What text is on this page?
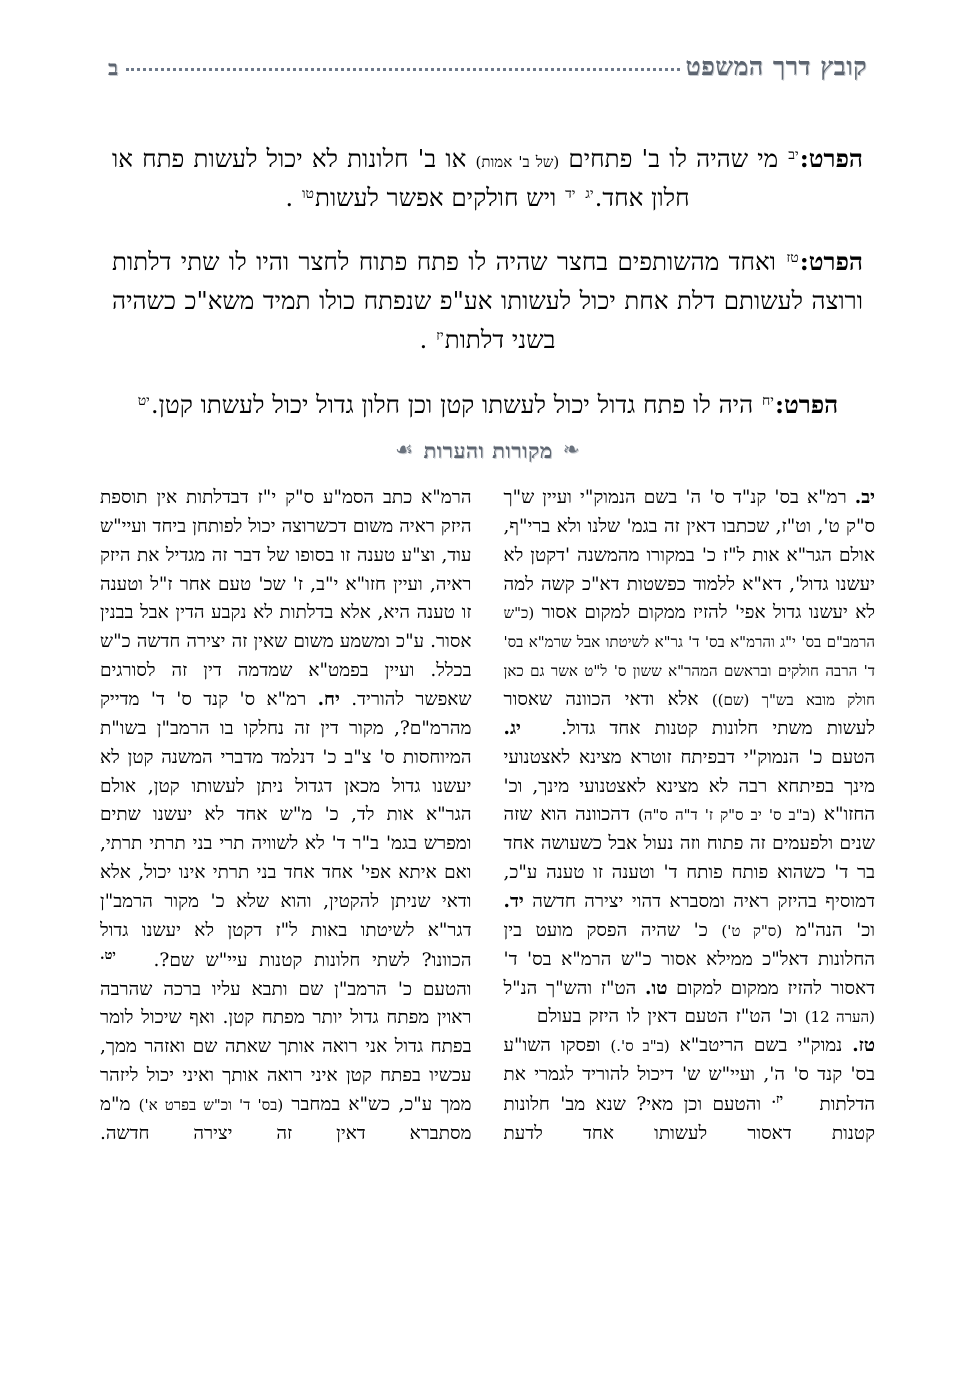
קובץ דרך המשפט
ב
הפרט:$^{יב}$ מי שהיה לו ב' פתחים (של ב' אמות) או ב' חלונות לא יכול לעשות פתח או חלון אחד.$^{יג}$ $^{יד}$ ויש חולקים אפשר לעשות$^{טו}$ .
הפרט:$^{טז}$ ואחד מהשותפים בחצר שהיה לו פתח פתוח לחצר והיו לו שתי דלתות ורוצה לעשותם דלת אחת יכול לעשותו אע"פ שנפתח כולו תמיד משא"כ כשהיה בשני דלתות$^{יז}$ .
הפרט:$^{יח}$ היה לו פתח גדול יכול לעשתו קטן וכן חלון גדול יכול לעשתו קטן.$^{יט}$
❧מקורות והערות☙
יב. רמ"א בס' קנ"ד ס' ה' בשם הנמוק"י ועיין ש"ך ס"ק ט', וט"ז, שכתבו דאין זה בגמ' שלנו ולא ברי"ף, אולם הגר"א אות ל"ז כ' במקורו מהמשנה 'דקטן לא יעשנו גדול', דא"א ללמוד כפשטות דא"כ קשה למה לא יעשנו גדול אפי' להזיז ממקום למקום אסור (כ"ש הרמב"ם בס' י"ג והרמ"א בס' ד' גר"א לשיטתו אבל שרמ"א בס' ד' הרבה חולקים ובראשם המהר"א ששון ס' ל"ט אשר גם כאן חולק מובא בש"ך (שם)) אלא ודאי הכוונה שאסור לעשות משתי חלונות קטנות אחד גדול. יג. הטעם כ' הנמוק"י דבפיתח זוטרא מצינא לאצטנועי מינך בפיתחא רבה לא מצינא לאצטנועי מינך, וכ' החזו"א (ב"ב ס' יב ס"ק ז' ד"ה ס"ה) דהכוונה הוא שזה שנים ולפעמים זה פתוח וזה נעול אבל כשעושה אחד בר ד' כשהוא פותח פותח ד' וטענה זו טענה ע"כ, דמוסיף בהיזק ראיה ומסברא דהוי יצירה חדשה יד. וכ' הנה"מ (ס"ק ט') כ' שהיה הפסק מועט בין החלונות דאל"כ ממילא אסור כ"ש הרמ"א בס' ד' דאסור להזיז ממקום למקום טו. הט"ז והש"ך הנ"ל (הערה 12) וכ' הט"ז הטעם דאין לו היזק בעולם טז. נמוק"י בשם הריטב"א (ב"ב ס'.) ופסקו השו"ע בס' קנד ס' ה', ועיי"ש ש' דיכול להוריד לגמרי את הדלתות $^{יז.}$ והטעם וכן מאי? שנא מב' חלונות קטנות דאסור לעשותו אחד לדעת
הרמ"א כתב הסמ"ע ס"ק י"ז דבדלתות אין תוספת היזק ראיה משום דכשרוצה יכול לפותחן ביחד ועיי"ש עוד, וצ"ע טענה זו בסופו של דבר זה מגדיל את היזק ראיה, ועיין חזו"א י"ב, ז' שכ' טעם אחר ז"ל וטענה זו טענה היא, אלא בדלתות לא נקבע הדין אבל בבנין אסור. ע"כ ומשמע משום שאין זה יצירה חדשה כ"ש בכלל. ועיין בפמט"א שמדמה דין זה לסורגים שאפשר להוריד. יח. רמ"א ס' קנד ס' ד' מדייק מהרמ"ם?, מקור דין זה נחלקו בו הרמב"ן בשו"ת המיוחסות ס' צ"ב כ' דנלמד מדברי המשנה קטן לא יעשנו גדול מכאן דגדול ניתן לעשותו קטן, אולם הגר"א אות לד, כ' מ"ש אחד לא יעשנו שתים ומפרש בגמ' ב"ר ד' לא לשוויה תרי בני תרתי תרתי, ואם איתא אפי' אחד אחד בני תרתי אינו יכול, אלא ודאי שניתן להקטין, והוא שלא כ' מקור הרמב"ן דגר"א לשיטתו באות ל"ז דקטן לא יעשנו גדול הכוונו? לשתי חלונות קטנות עיי"ש שם?. $^{יט.}$ והטעם כ' הרמב"ן שם ותבא עליו ברכה שהרבה ראוין מפתח גדול יותר מפתח קטן. ואף שיכול לומר בפתח גדול אני רואה אותך שאתה שם ואזהר ממך, עכשיו בפתח קטן איני רואה אותך ואיני יכול ליזהר ממך ע"כ, כש"א במחבר (בס' ד' וכ"ש בפרט א') מ"מ מסתברא דאין זה יצירה חדשה.
